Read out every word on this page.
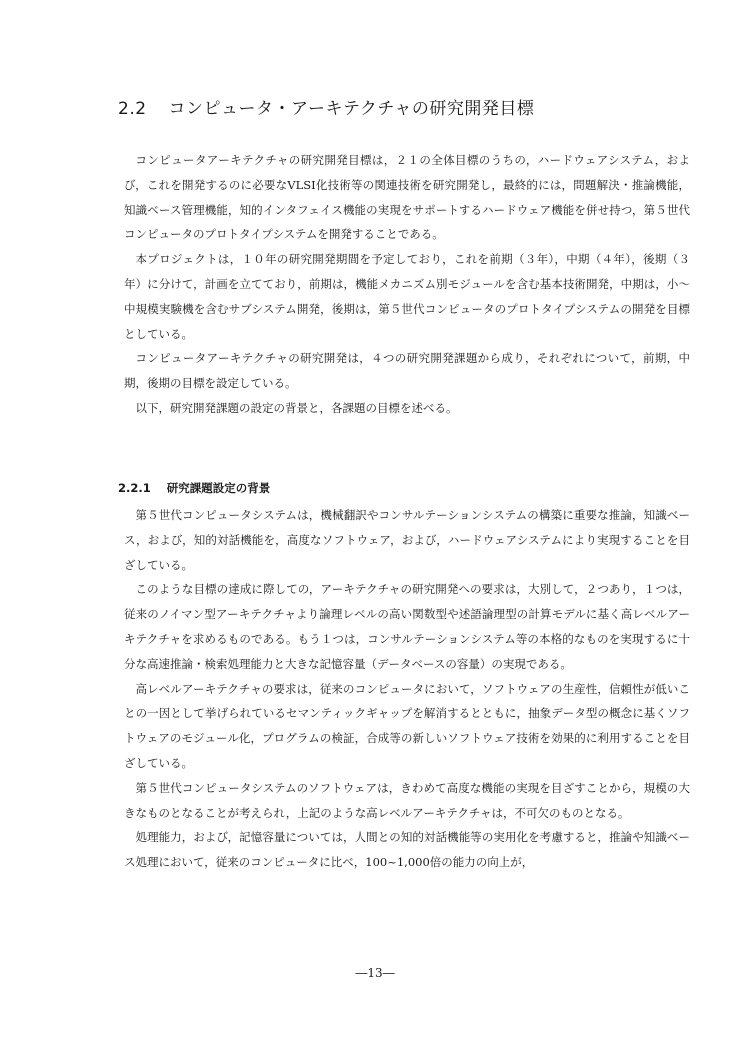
2.2 コンピュータ・アーキテクチャの研究開発目標

コンピュータアーキテクチャの研究開発目標は，２１の全体目標のうちの，ハードウェアシステム，および，これを開発するのに必要なVLSI化技術等の関連技術を研究開発し，最終的には，問題解決・推論機能，知識ベース管理機能，知的インタフェイス機能の実現をサポートするハードウェア機能を併せ持つ，第５世代コンピュータのプロトタイプシステムを開発することである。

本プロジェクトは，１０年の研究開発期間を予定しており，これを前期（３年），中期（４年），後期（３年）に分けて，計画を立てており，前期は，機能メカニズム別モジュールを含む基本技術開発，中期は，小～中規模実験機を含むサブシステム開発，後期は，第５世代コンピュータのプロトタイプシステムの開発を目標としている。

コンピュータアーキテクチャの研究開発は，４つの研究開発課題から成り，それぞれについて，前期，中期，後期の目標を設定している。

以下，研究開発課題の設定の背景と，各課題の目標を述べる。

2.2.1 研究課題設定の背景

第５世代コンピュータシステムは，機械翻訳やコンサルテーションシステムの構築に重要な推論，知識ベース，および，知的対話機能を，高度なソフトウェア，および，ハードウェアシステムにより実現することを目ざしている。

このような目標の達成に際しての，アーキテクチャの研究開発への要求は，大別して，２つあり，１つは，従来のノイマン型アーキテクチャより論理レベルの高い関数型や述語論理型の計算モデルに基く高レベルアーキテクチャを求めるものである。もう１つは，コンサルテーションシステム等の本格的なものを実現するに十分な高速推論・検索処理能力と大きな記憶容量（データベースの容量）の実現である。

高レベルアーキテクチャの要求は，従来のコンピュータにおいて，ソフトウェアの生産性，信頼性が低いことの一因として挙げられているセマンティックギャップを解消するとともに，抽象データ型の概念に基くソフトウェアのモジュール化，プログラムの検証，合成等の新しいソフトウェア技術を効果的に利用することを目ざしている。

第５世代コンピュータシステムのソフトウェアは，きわめて高度な機能の実現を目ざすことから，規模の大きなものとなることが考えられ，上記のような高レベルアーキテクチャは，不可欠のものとなる。

処理能力，および，記憶容量については，人間との知的対話機能等の実用化を考慮すると，推論や知識ベース処理において，従来のコンピュータに比べ，100~1,000倍の能力の向上が，

―13―
